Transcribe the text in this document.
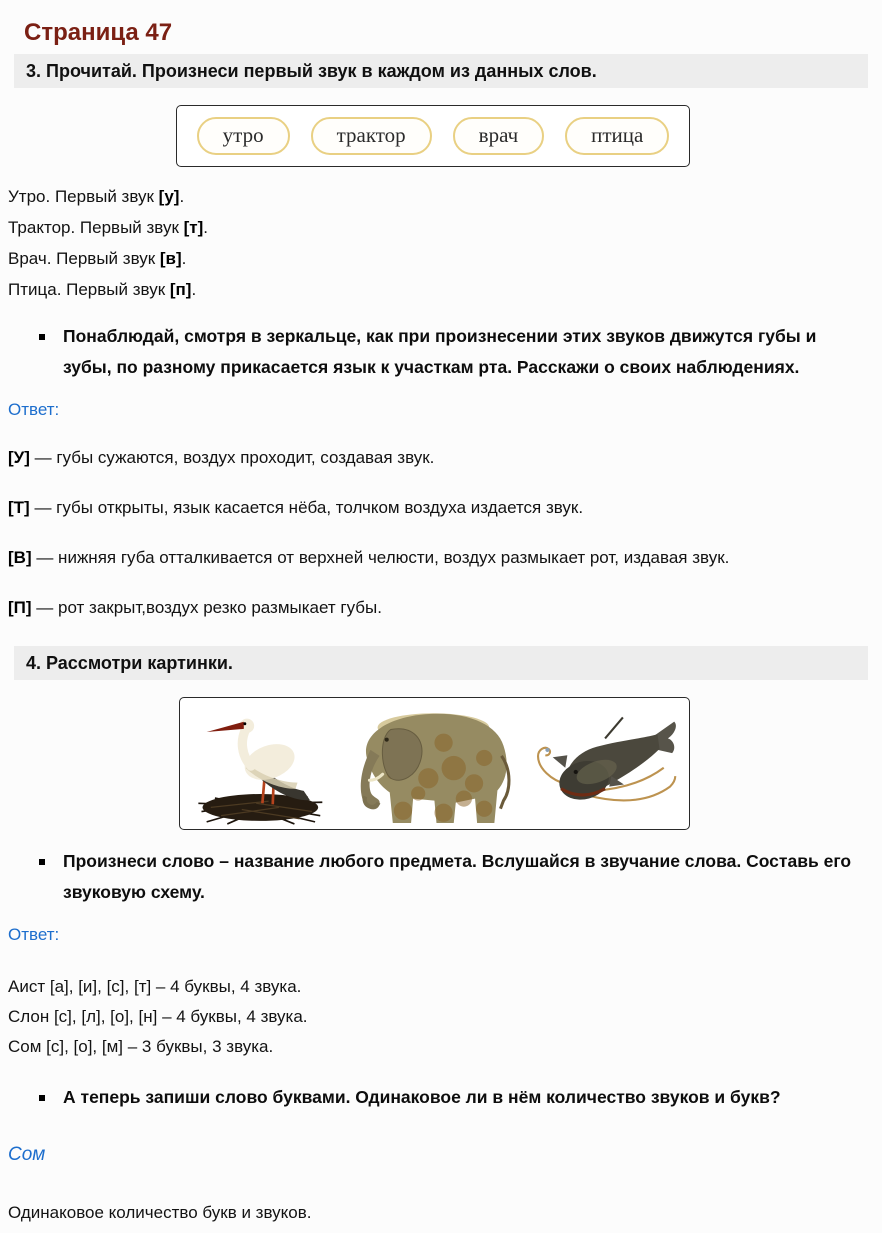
Страница 47
3. Прочитай. Произнеси первый звук в каждом из данных слов.
утро	трактор	врач	птица

Утро. Первый звук [у].

Трактор. Первый звук [т].

Врач. Первый звук [в].

Птица. Первый звук [п].

Понаблюдай, смотря в зеркальце, как при произнесении этих звуков движутся губы и зубы, по разному прикасается язык к участкам рта. Расскажи о своих наблюдениях.

Ответ:

[У] — губы сужаются, воздух проходит, создавая звук.

[Т] — губы открыты, язык касается нёба, толчком воздуха издается звук.

[В] — нижняя губа отталкивается от верхней челюсти, воздух размыкает рот, издавая звук.

[П] — рот закрыт,воздух резко размыкает губы.

4. Рассмотри картинки.
Произнеси слово – название любого предмета. Вслушайся в звучание слова. Составь его звуковую схему.

Ответ:

Аист [а], [и], [с], [т] – 4 буквы, 4 звука.

Слон [с], [л], [о], [н] – 4 буквы, 4 звука.

Сом [с], [о], [м] – 3 буквы, 3 звука.

А теперь запиши слово буквами. Одинаковое ли в нём количество звуков и букв?

Сом

Одинаковое количество букв и звуков.
